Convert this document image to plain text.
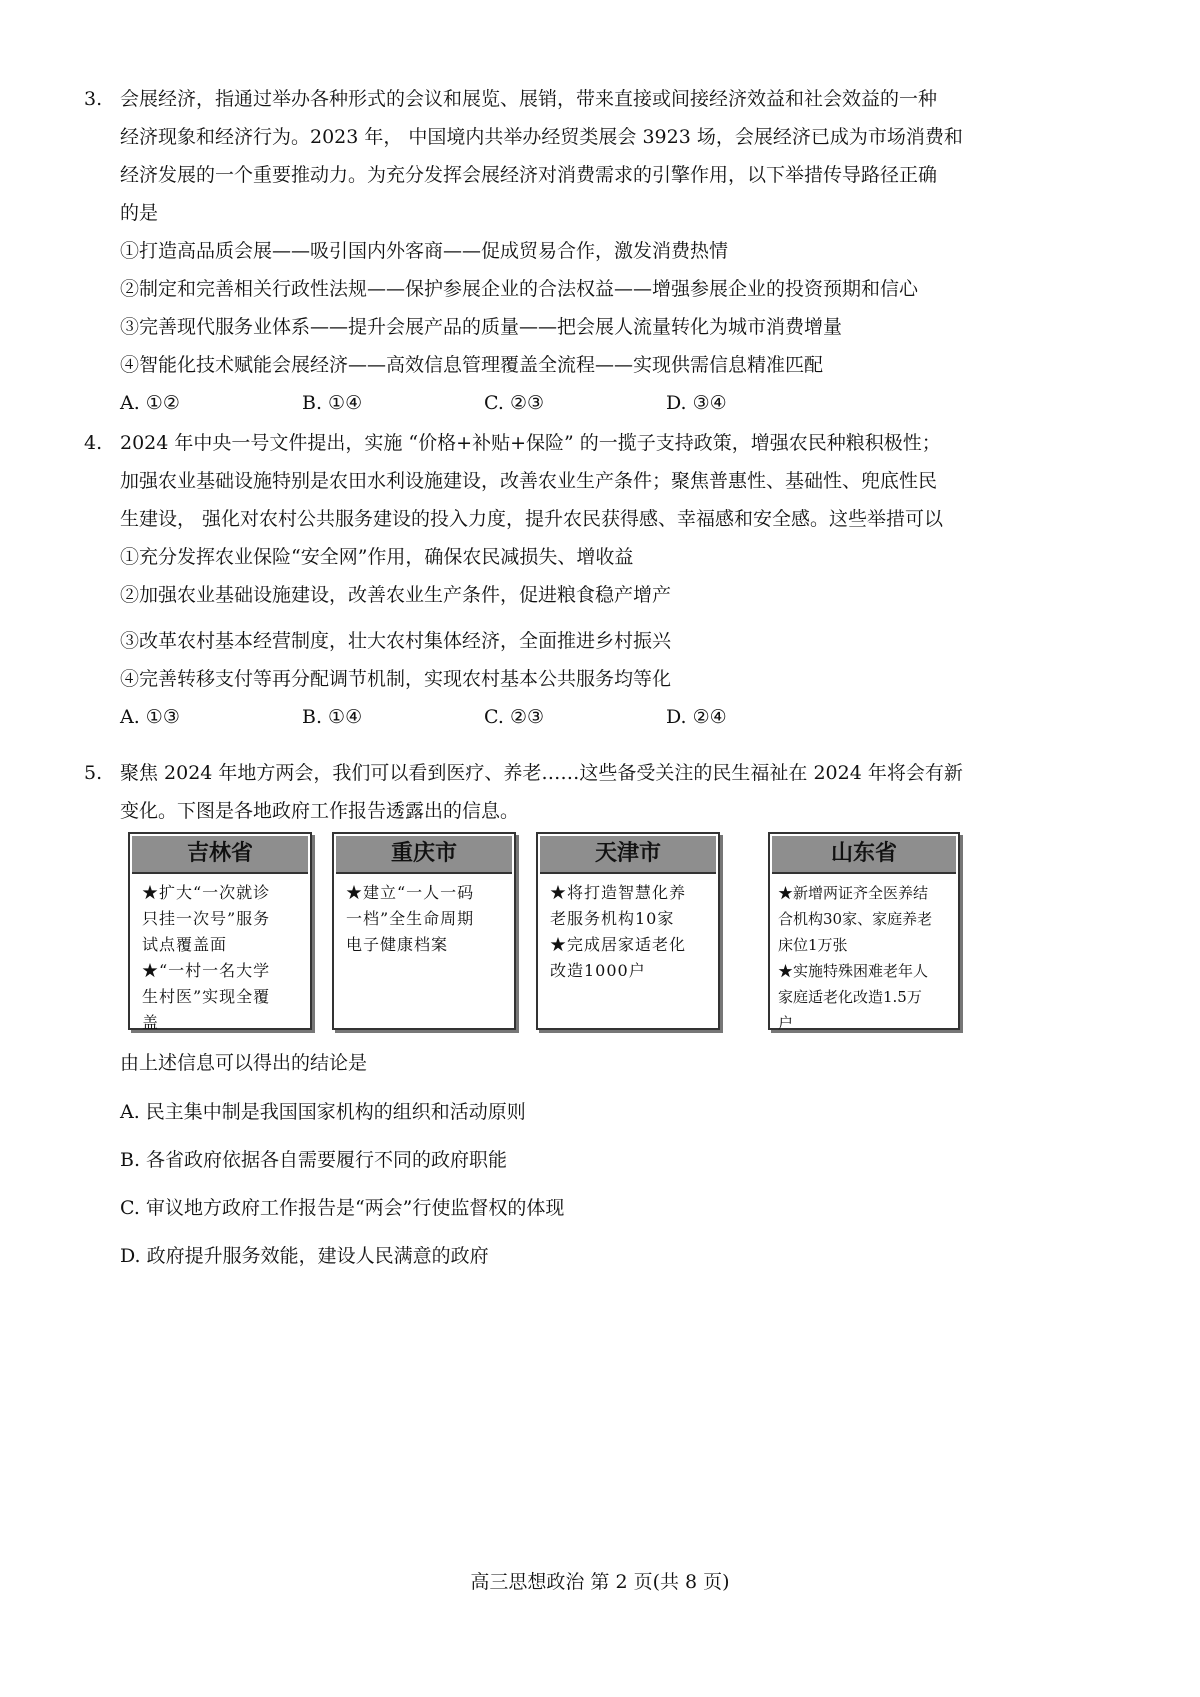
3. 会展经济，指通过举办各种形式的会议和展览、展销，带来直接或间接经济效益和社会效益的一种
经济现象和经济行为。2023 年， 中国境内共举办经贸类展会 3923 场，会展经济已成为市场消费和
经济发展的一个重要推动力。为充分发挥会展经济对消费需求的引擎作用，以下举措传导路径正确
的是
①打造高品质会展——吸引国内外客商——促成贸易合作，激发消费热情
②制定和完善相关行政性法规——保护参展企业的合法权益——增强参展企业的投资预期和信心
③完善现代服务业体系——提升会展产品的质量——把会展人流量转化为城市消费增量
④智能化技术赋能会展经济——高效信息管理覆盖全流程——实现供需信息精准匹配
A. ①②	B. ①④	C. ②③	D. ③④
4. 2024 年中央一号文件提出，实施 “价格+补贴+保险” 的一揽子支持政策，增强农民种粮积极性；
加强农业基础设施特别是农田水利设施建设，改善农业生产条件；聚焦普惠性、基础性、兜底性民
生建设， 强化对农村公共服务建设的投入力度，提升农民获得感、幸福感和安全感。这些举措可以
①充分发挥农业保险“安全网”作用，确保农民减损失、增收益
②加强农业基础设施建设，改善农业生产条件，促进粮食稳产增产
③改革农村基本经营制度，壮大农村集体经济，全面推进乡村振兴
④完善转移支付等再分配调节机制，实现农村基本公共服务均等化
A. ①③	B. ①④	C. ②③	D. ②④
5. 聚焦 2024 年地方两会，我们可以看到医疗、养老……这些备受关注的民生福祉在 2024 年将会有新
变化。下图是各地政府工作报告透露出的信息。
吉林省
★扩大“一次就诊
只挂一次号”服务
试点覆盖面
★“一村一名大学
生村医”实现全覆
盖
重庆市
★建立“一人一码
一档”全生命周期
电子健康档案
天津市
★将打造智慧化养
老服务机构10家
★完成居家适老化
改造1000户
山东省
★新增两证齐全医养结
合机构30家、家庭养老
床位1万张
★实施特殊困难老年人
家庭适老化改造1.5万
户
由上述信息可以得出的结论是
A. 民主集中制是我国国家机构的组织和活动原则
B. 各省政府依据各自需要履行不同的政府职能
C. 审议地方政府工作报告是“两会”行使监督权的体现
D. 政府提升服务效能，建设人民满意的政府
高三思想政治 第 2 页(共 8 页)
